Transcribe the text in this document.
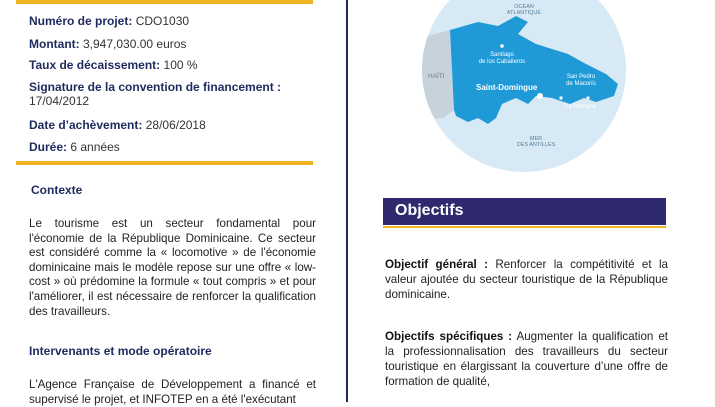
Numéro de projet: CDO1030
Montant: 3,947,030.00 euros
Taux de décaissement: 100 %
Signature de la convention de financement :
17/04/2012
Date d’achèvement: 28/06/2018
Durée: 6 années
Contexte
Le tourisme est un secteur fondamental pour l'économie de la République Dominicaine. Ce secteur est considéré comme la « locomotive » de l'économie dominicaine mais le modèle repose sur une offre « low-cost » où prédomine la formule « tout compris » et pour l'améliorer, il est nécessaire de renforcer la qualification des travailleurs.
Intervenants et mode opératoire
L'Agence Française de Développement a financé et supervisé le projet, et INFOTEP en a été l'exécutant
OCÉAN ATLANTIQUE
HAÏTI
Santiago de los Caballeros
Saint-Domingue
San Pedro de Macorís
La Romana
MER DES ANTILLES
Objectifs
Objectif général : Renforcer la compétitivité et la valeur ajoutée du secteur touristique de la République dominicaine.
Objectifs spécifiques : Augmenter la qualification et la professionnalisation des travailleurs du secteur touristique en élargissant la couverture d’une offre de formation de qualité,
